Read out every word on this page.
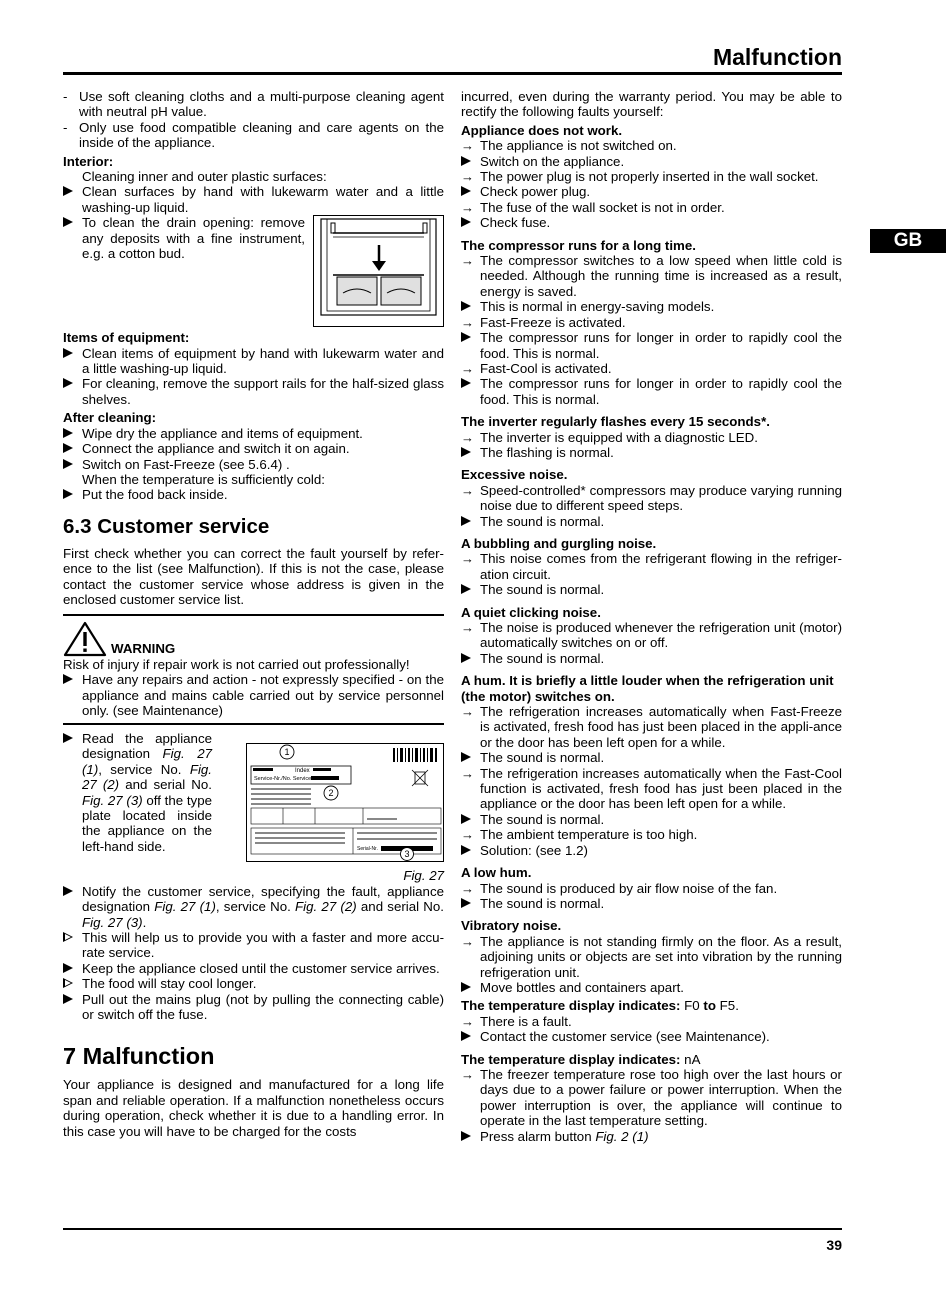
Malfunction
GB
- Use soft cleaning cloths and a multi-purpose cleaning agent with neutral pH value.
- Only use food compatible cleaning and care agents on the inside of the appliance.
Interior:
Cleaning inner and outer plastic surfaces:
Clean surfaces by hand with lukewarm water and a little washing-up liquid.
To clean the drain opening: remove any deposits with a fine instrument, e.g. a cotton bud.
Items of equipment:
Clean items of equipment by hand with lukewarm water and a little washing-up liquid.
For cleaning, remove the support rails for the half-sized glass shelves.
After cleaning:
Wipe dry the appliance and items of equipment.
Connect the appliance and switch it on again.
Switch on Fast-Freeze (see 5.6.4) .
When the temperature is sufficiently cold:
Put the food back inside.
6.3 Customer service
First check whether you can correct the fault yourself by refer-ence to the list (see Malfunction). If this is not the case, please contact the customer service whose address is given in the enclosed customer service list.
WARNING
Risk of injury if repair work is not carried out professionally!
Have any repairs and action - not expressly specified - on the appliance and mains cable carried out by service personnel only. (see Maintenance)
Read the appliance designation Fig. 27 (1), service No. Fig. 27 (2) and serial No. Fig. 27 (3) off the type plate located inside the appliance on the left-hand side.
Index
Service-Nr./No. Service
Serial-Nr.
1
2
3
Fig. 27
Notify the customer service, specifying the fault, appliance designation Fig. 27 (1), service No. Fig. 27 (2) and serial No. Fig. 27 (3).
This will help us to provide you with a faster and more accu-rate service.
Keep the appliance closed until the customer service arrives.
The food will stay cool longer.
Pull out the mains plug (not by pulling the connecting cable) or switch off the fuse.
7 Malfunction
Your appliance is designed and manufactured for a long life span and reliable operation. If a malfunction nonetheless occurs during operation, check whether it is due to a handling error. In this case you will have to be charged for the costs
incurred, even during the warranty period. You may be able to rectify the following faults yourself:
Appliance does not work.
→ The appliance is not switched on.
Switch on the appliance.
→ The power plug is not properly inserted in the wall socket.
Check power plug.
→ The fuse of the wall socket is not in order.
Check fuse.
The compressor runs for a long time.
→ The compressor switches to a low speed when little cold is needed. Although the running time is increased as a result, energy is saved.
This is normal in energy-saving models.
→ Fast-Freeze is activated.
The compressor runs for longer in order to rapidly cool the food. This is normal.
→ Fast-Cool is activated.
The compressor runs for longer in order to rapidly cool the food. This is normal.
The inverter regularly flashes every 15 seconds*.
→ The inverter is equipped with a diagnostic LED.
The flashing is normal.
Excessive noise.
→ Speed-controlled* compressors may produce varying running noise due to different speed steps.
The sound is normal.
A bubbling and gurgling noise.
→ This noise comes from the refrigerant flowing in the refriger-ation circuit.
The sound is normal.
A quiet clicking noise.
→ The noise is produced whenever the refrigeration unit (motor) automatically switches on or off.
The sound is normal.
A hum. It is briefly a little louder when the refrigeration unit (the motor) switches on.
→ The refrigeration increases automatically when Fast-Freeze is activated, fresh food has just been placed in the appli-ance or the door has been left open for a while.
The sound is normal.
→ The refrigeration increases automatically when the Fast-Cool function is activated, fresh food has just been placed in the appliance or the door has been left open for a while.
The sound is normal.
→ The ambient temperature is too high.
Solution: (see 1.2)
A low hum.
→ The sound is produced by air flow noise of the fan.
The sound is normal.
Vibratory noise.
→ The appliance is not standing firmly on the floor. As a result, adjoining units or objects are set into vibration by the running refrigeration unit.
Move bottles and containers apart.
The temperature display indicates: F0 to F5.
→ There is a fault.
Contact the customer service (see Maintenance).
The temperature display indicates: nA
→ The freezer temperature rose too high over the last hours or days due to a power failure or power interruption. When the power interruption is over, the appliance will continue to operate in the last temperature setting.
Press alarm button Fig. 2 (1)
39
